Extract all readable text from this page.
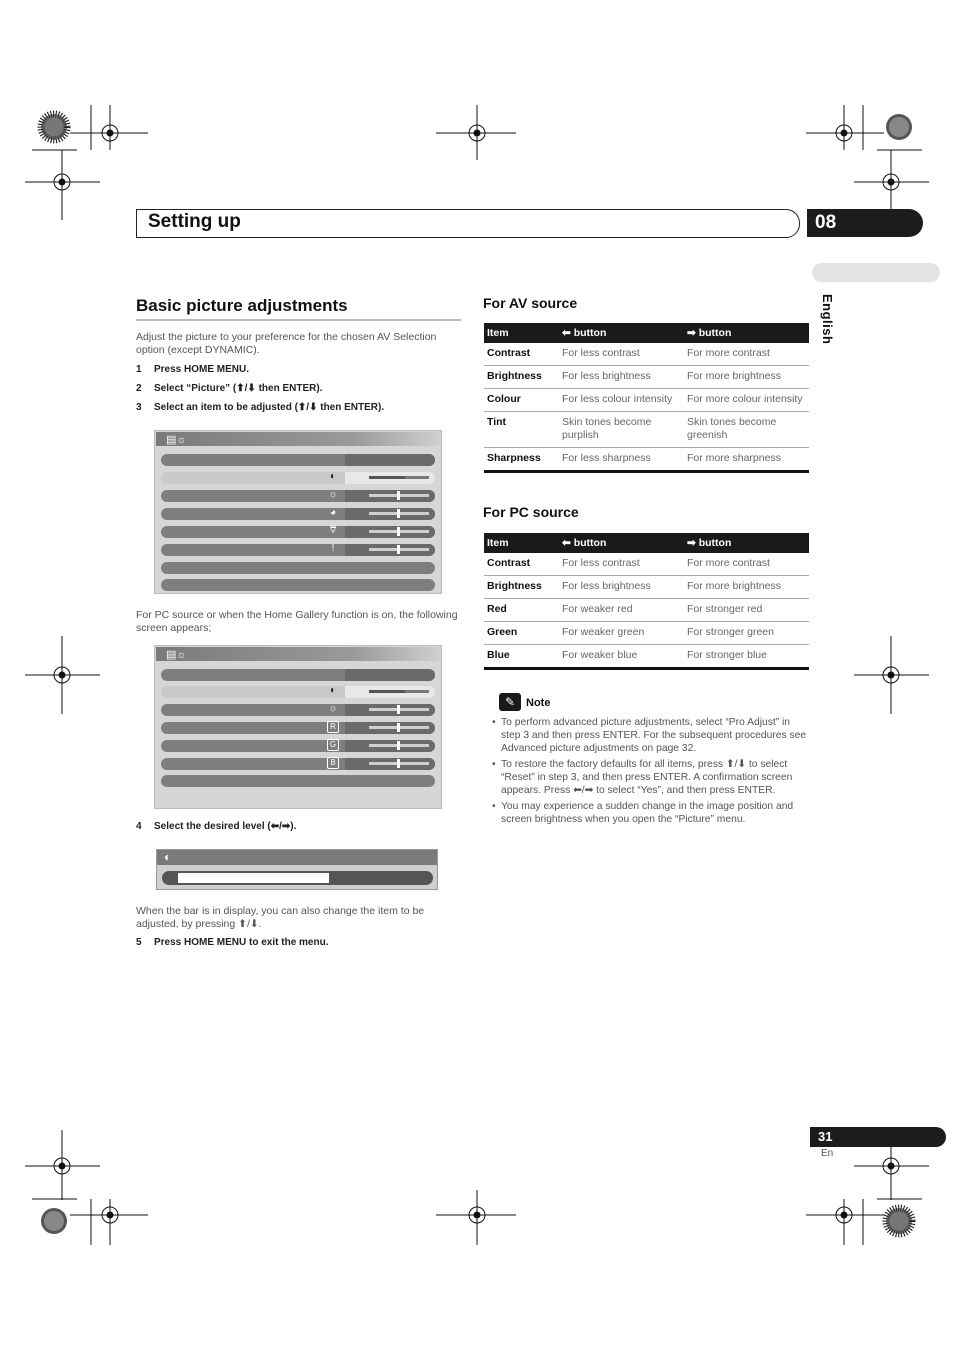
Setting up	08
English
Basic picture adjustments
Adjust the picture to your preference for the chosen AV Selection option (except DYNAMIC).
1 Press HOME MENU.
2 Select “Picture” (⬆/⬇ then ENTER).
3 Select an item to be adjusted (⬆/⬇ then ENTER).
▤☼
◐
☼
◕
⩢
!
For PC source or when the Home Gallery function is on, the following screen appears;
▤☼
◐
☼
R
G
B
4 Select the desired level (⬅/➡).
◐
When the bar is in display, you can also change the item to be adjusted, by pressing ⬆/⬇.
5 Press HOME MENU to exit the menu.
For AV source
Item	⬅ button	➡ button
Contrast	For less contrast	For more contrast
Brightness	For less brightness	For more brightness
Colour	For less colour intensity	For more colour intensity
Tint	Skin tones become purplish	Skin tones become greenish
Sharpness	For less sharpness	For more sharpness
For PC source
Item	⬅ button	➡ button
Contrast	For less contrast	For more contrast
Brightness	For less brightness	For more brightness
Red	For weaker red	For stronger red
Green	For weaker green	For stronger green
Blue	For weaker blue	For stronger blue
✎ Note
• To perform advanced picture adjustments, select “Pro Adjust” in step 3 and then press ENTER. For the subsequent procedures see Advanced picture adjustments on page 32.
• To restore the factory defaults for all items, press ⬆/⬇ to select “Reset” in step 3, and then press ENTER. A confirmation screen appears. Press ⬅/➡ to select “Yes”, and then press ENTER.
• You may experience a sudden change in the image position and screen brightness when you open the “Picture” menu.
31
En
